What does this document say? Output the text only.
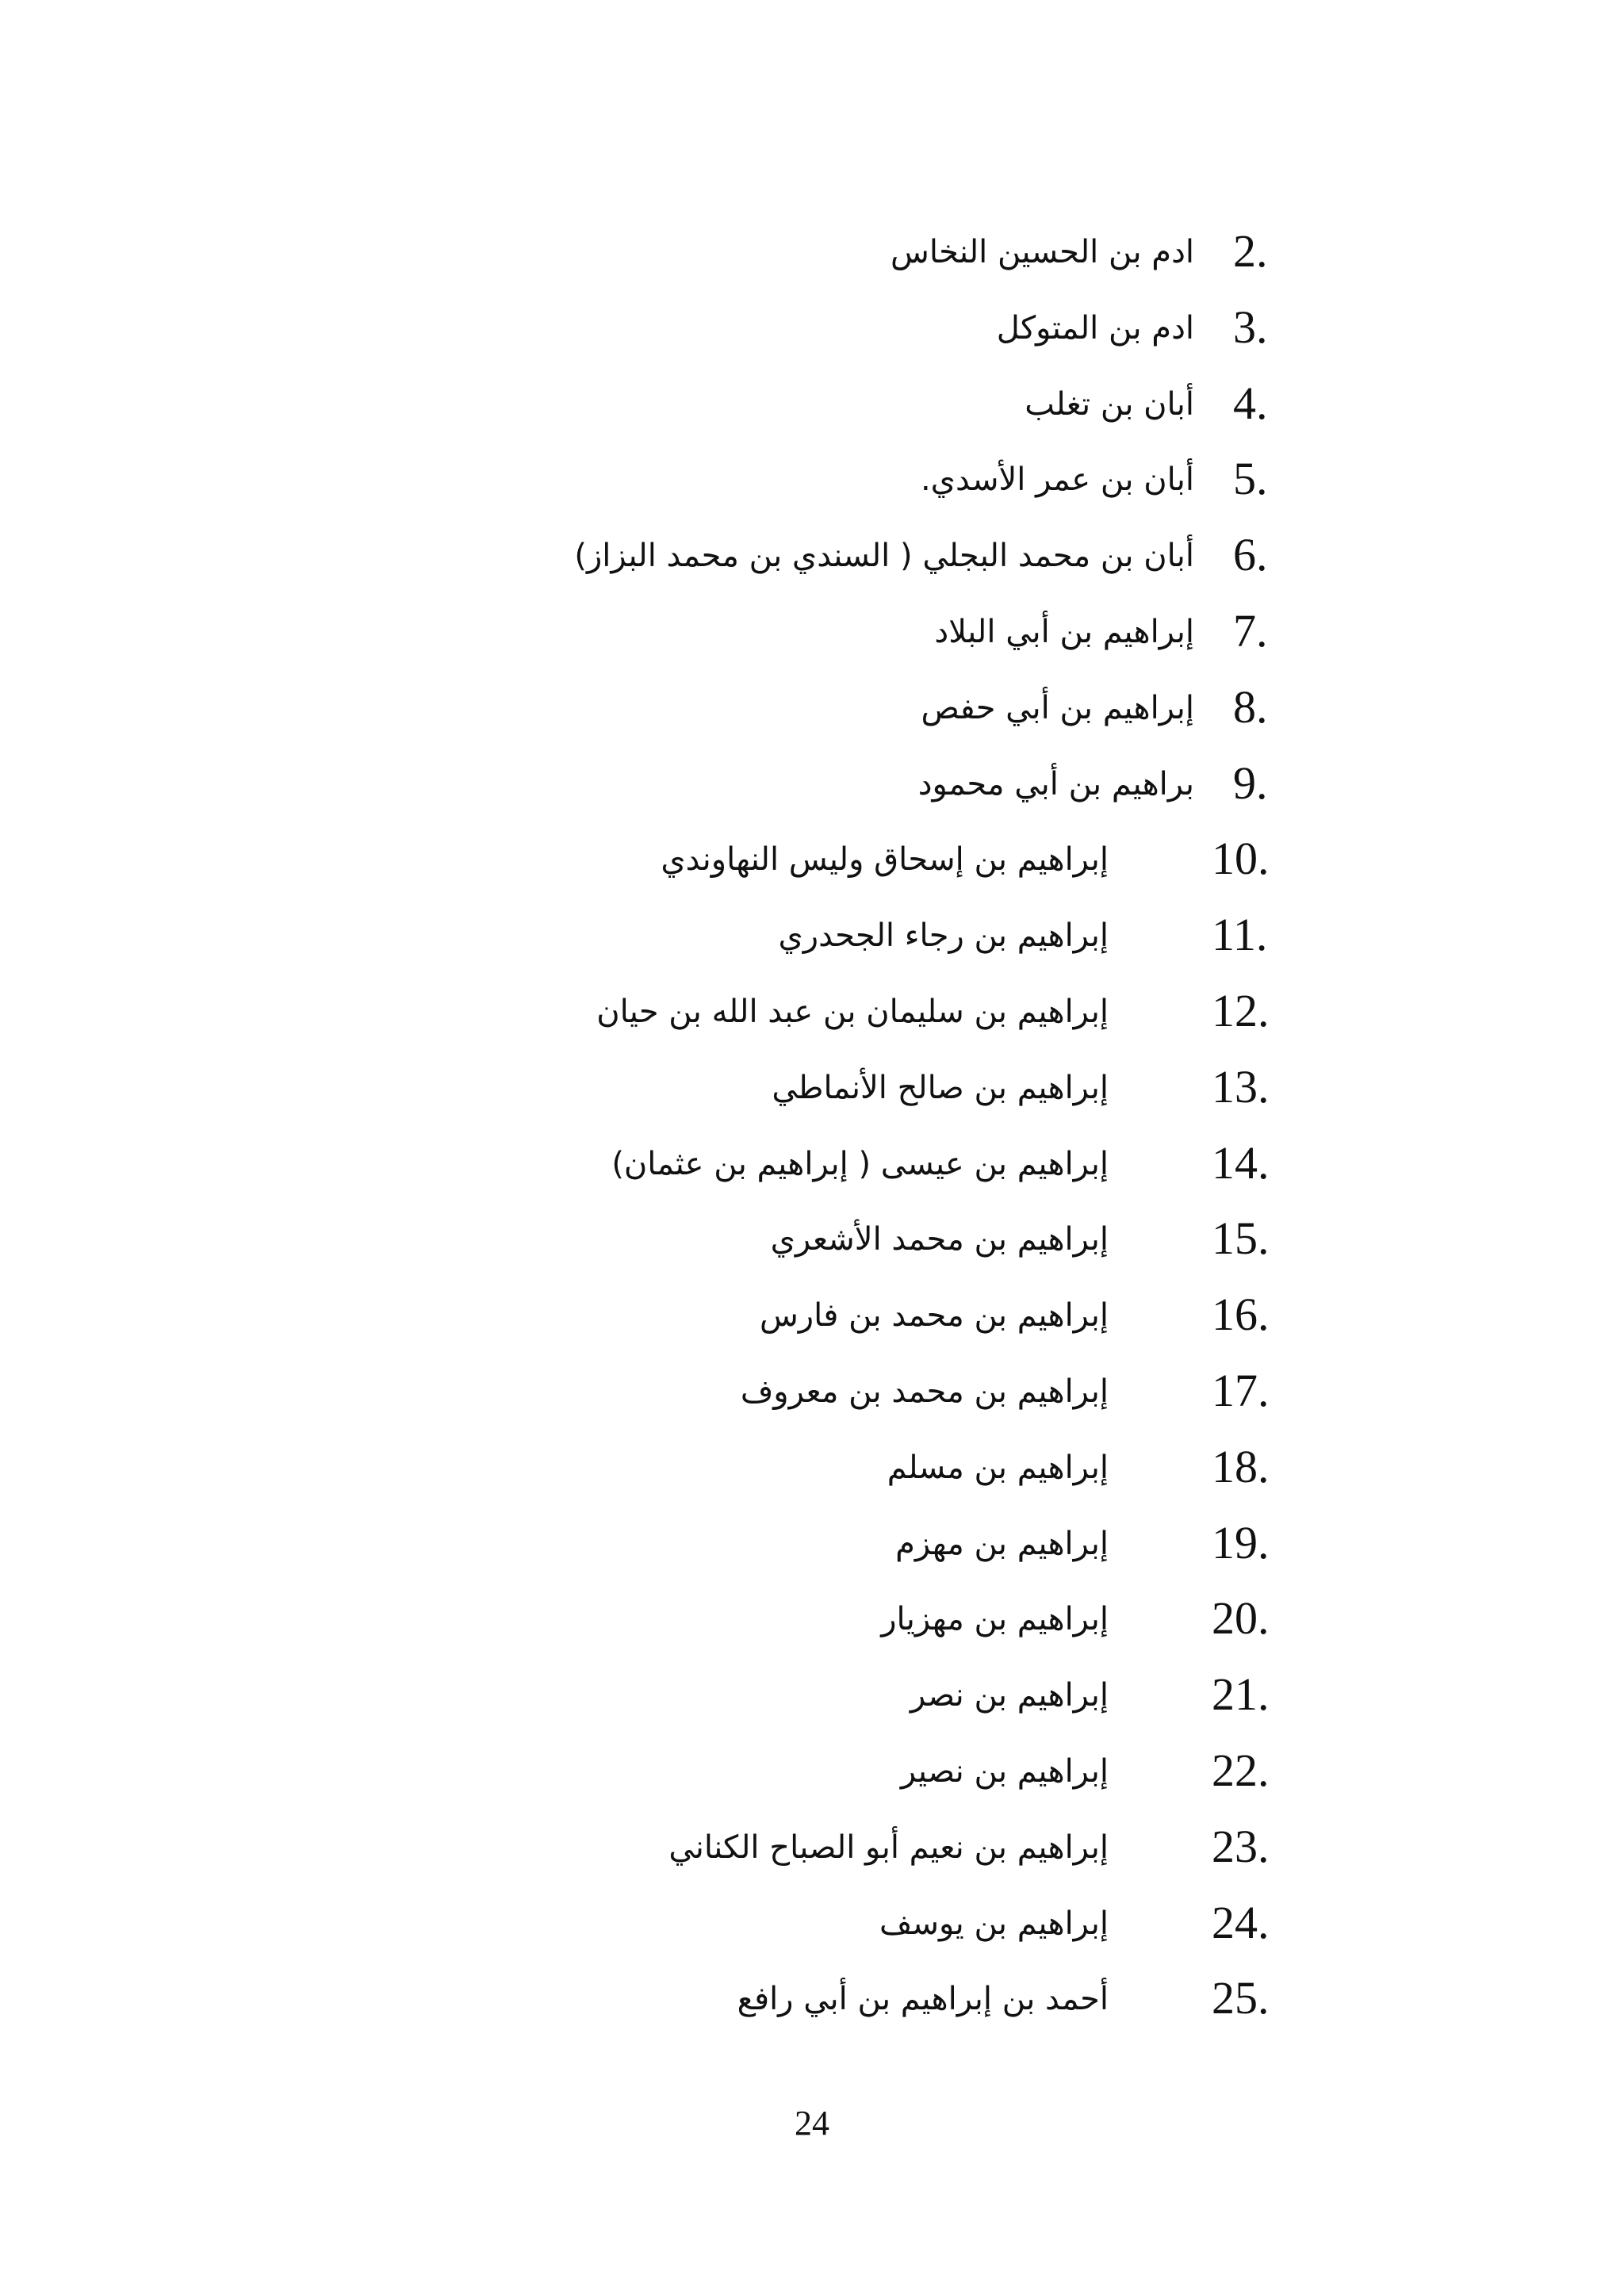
2.
ادم بن الحسين النخاس
3.
ادم بن المتوكل
4.
أبان بن تغلب
5.
أبان بن عمر الأسدي.
6.
أبان بن محمد البجلي ( السندي بن محمد البزاز)
7.
إبراهيم بن أبي البلاد
8.
إبراهيم بن أبي حفص
9.
براهيم بن أبي محمود
10.
إبراهيم بن إسحاق وليس النهاوندي
11.
إبراهيم بن رجاء الجحدري
12.
إبراهيم بن سليمان بن عبد الله بن حيان
13.
إبراهيم بن صالح الأنماطي
14.
إبراهيم بن عيسى ( إبراهيم بن عثمان)
15.
إبراهيم بن محمد الأشعري
16.
إبراهيم بن محمد بن فارس
17.
إبراهيم بن محمد بن معروف
18.
إبراهيم بن مسلم
19.
إبراهيم بن مهزم
20.
إبراهيم بن مهزيار
21.
إبراهيم بن نصر
22.
إبراهيم بن نصير
23.
إبراهيم بن نعيم أبو الصباح الكناني
24.
إبراهيم بن يوسف
25.
أحمد بن إبراهيم بن أبي رافع
24
